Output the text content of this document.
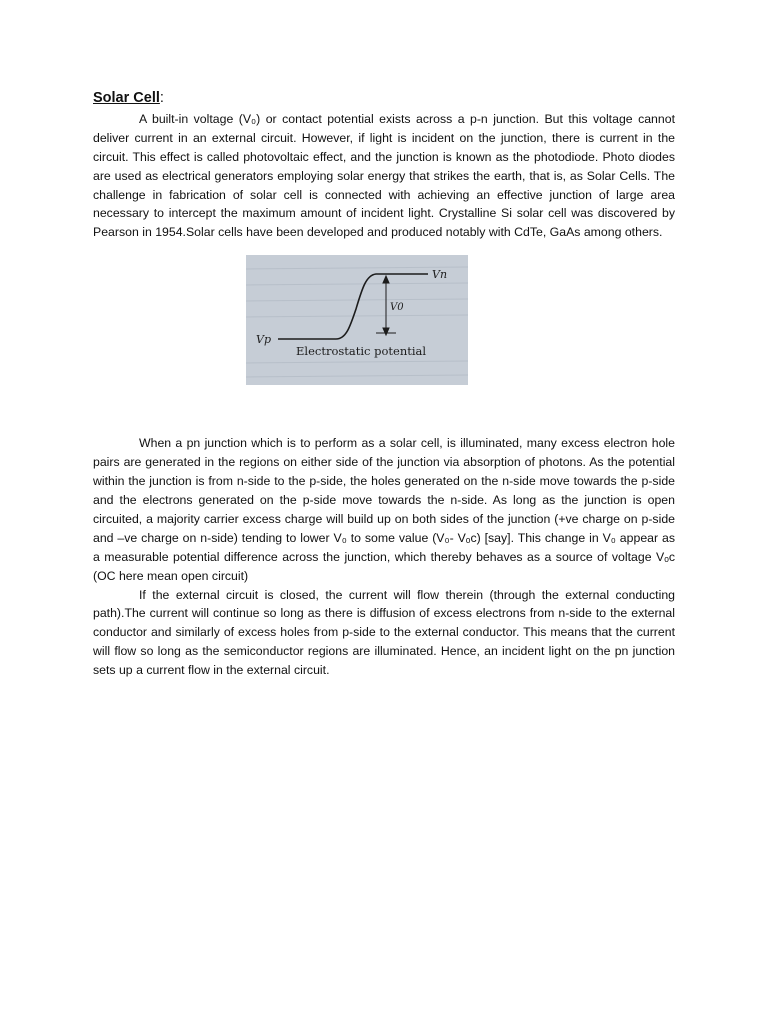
Solar Cell:

A built-in voltage (V₀) or contact potential exists across a p-n junction. But this voltage cannot deliver current in an external circuit. However, if light is incident on the junction, there is current in the circuit. This effect is called photovoltaic effect, and the junction is known as the photodiode. Photo diodes are used as electrical generators employing solar energy that strikes the earth, that is, as Solar Cells. The challenge in fabrication of solar cell is connected with achieving an effective junction of large area necessary to intercept the maximum amount of incident light. Crystalline Si solar cell was discovered by Pearson in 1954.Solar cells have been developed and produced notably with CdTe, GaAs among others.

Vn
Vp
V0
Electrostatic potential

When a pn junction which is to perform as a solar cell, is illuminated, many excess electron hole pairs are generated in the regions on either side of the junction via absorption of photons. As the potential within the junction is from n-side to the p-side, the holes generated on the n-side move towards the p-side and the electrons generated on the p-side move towards the n-side. As long as the junction is open circuited, a majority carrier excess charge will build up on both sides of the junction (+ve charge on p-side and –ve charge on n-side) tending to lower V₀ to some value (V₀- Vₒc) [say]. This change in V₀ appear as a measurable potential difference across the junction, which thereby behaves as a source of voltage Vₒc (OC here mean open circuit)

If the external circuit is closed, the current will flow therein (through the external conducting path).The current will continue so long as there is diffusion of excess electrons from n-side to the external conductor and similarly of excess holes from p-side to the external conductor. This means that the current will flow so long as the semiconductor regions are illuminated. Hence, an incident light on the pn junction sets up a current flow in the external circuit.
